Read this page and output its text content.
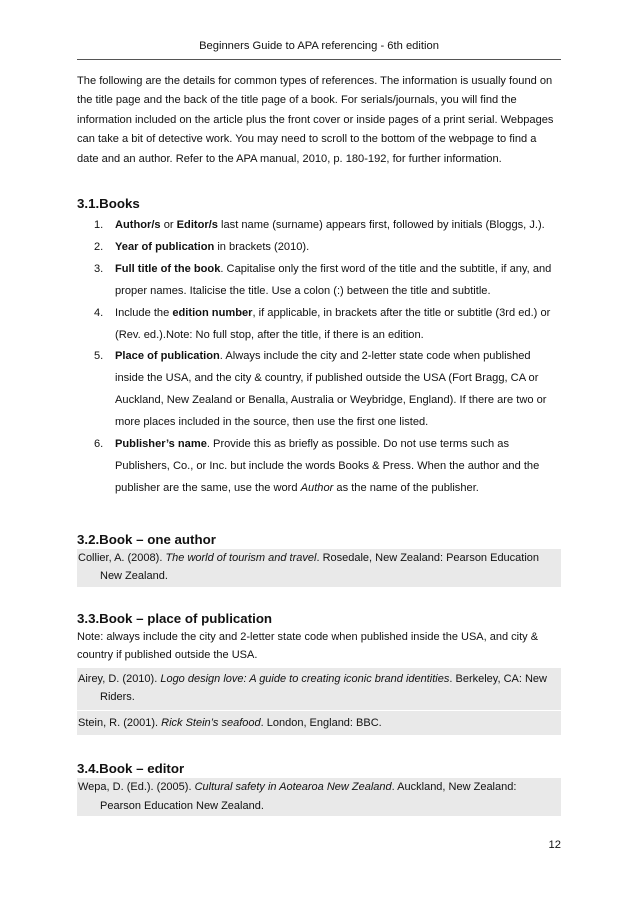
Beginners Guide to APA referencing - 6th edition

The following are the details for common types of references. The information is usually found on the title page and the back of the title page of a book. For serials/journals, you will find the information included on the article plus the front cover or inside pages of a print serial. Webpages can take a bit of detective work. You may need to scroll to the bottom of the webpage to find a date and an author. Refer to the APA manual, 2010, p. 180-192, for further information.

3.1.Books
1. Author/s or Editor/s last name (surname) appears first, followed by initials (Bloggs, J.).
2. Year of publication in brackets (2010).
3. Full title of the book. Capitalise only the first word of the title and the subtitle, if any, and proper names. Italicise the title. Use a colon (:) between the title and subtitle.
4. Include the edition number, if applicable, in brackets after the title or subtitle (3rd ed.) or (Rev. ed.).Note: No full stop, after the title, if there is an edition.
5. Place of publication. Always include the city and 2-letter state code when published inside the USA, and the city & country, if published outside the USA (Fort Bragg, CA or Auckland, New Zealand or Benalla, Australia or Weybridge, England). If there are two or more places included in the source, then use the first one listed.
6. Publisher’s name. Provide this as briefly as possible. Do not use terms such as Publishers, Co., or Inc. but include the words Books & Press. When the author and the publisher are the same, use the word Author as the name of the publisher.
3.2.Book – one author
Collier, A. (2008). The world of tourism and travel. Rosedale, New Zealand: Pearson Education New Zealand.
3.3.Book – place of publication

Note: always include the city and 2-letter state code when published inside the USA, and city & country if published outside the USA.

Airey, D. (2010). Logo design love: A guide to creating iconic brand identities. Berkeley, CA: New Riders.
Stein, R. (2001). Rick Stein’s seafood. London, England: BBC.
3.4.Book – editor
Wepa, D. (Ed.). (2005). Cultural safety in Aotearoa New Zealand. Auckland, New Zealand: Pearson Education New Zealand.
12
